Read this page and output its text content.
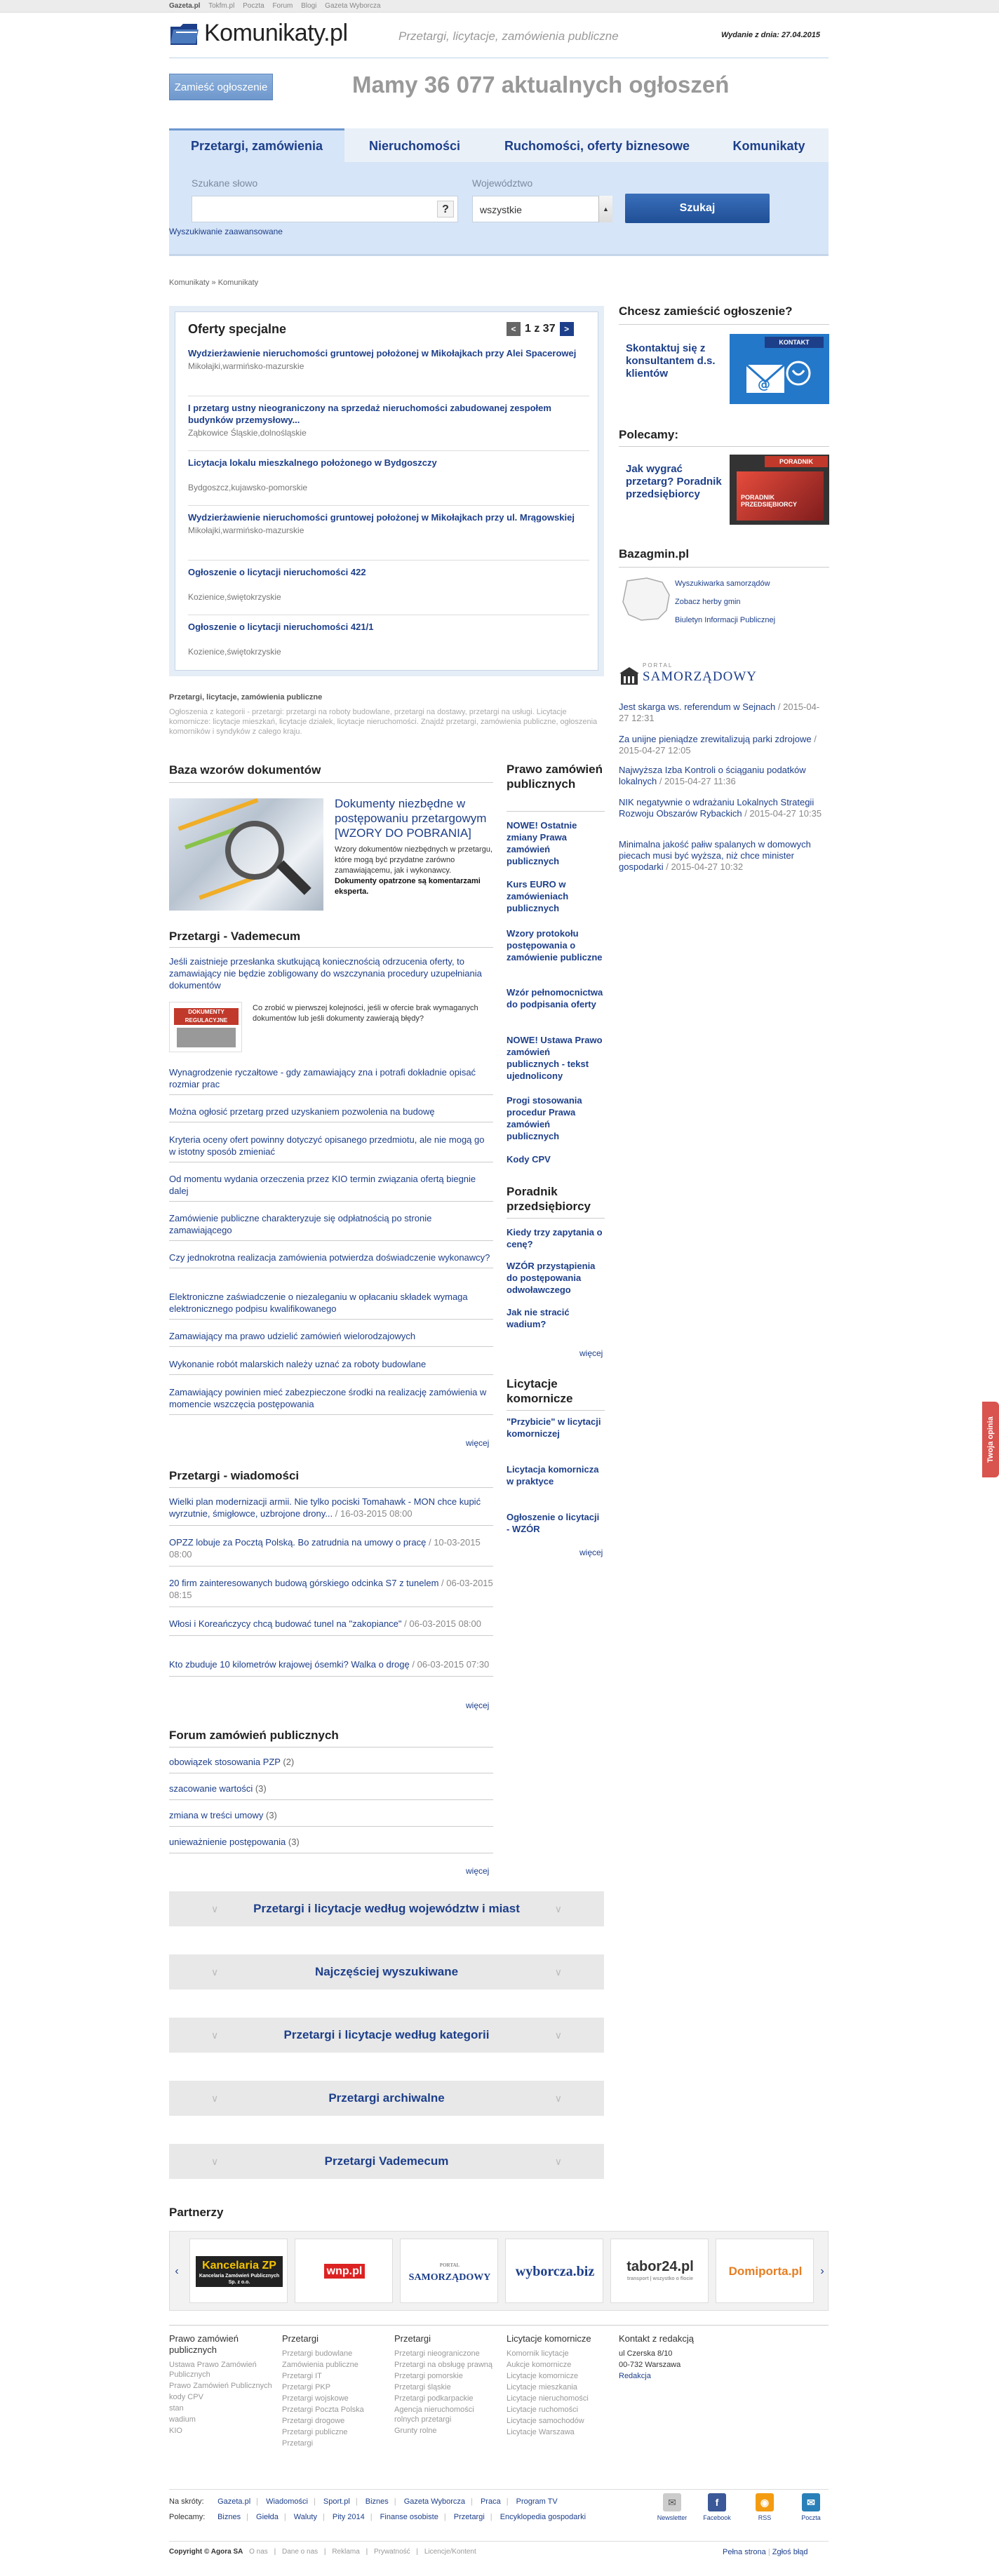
Gazeta.pl Tokfm.pl Poczta Forum Blogi Gazeta Wyborcza
Komunikaty.pl	Przetargi, licytacje, zamówienia publiczne	Wydanie z dnia: 27.04.2015
Zamieść ogłoszenie	Mamy 36 077 aktualnych ogłoszeń
Przetargi, zamówienia	Nieruchomości	Ruchomości, oferty biznesowe	Komunikaty
Szukane słowo	Województwo
?	wszystkie	▲	Szukaj
Wyszukiwanie zaawansowane
Komunikaty » Komunikaty
Oferty specjalne	< 1 z 37 >
Wydzierżawienie nieruchomości gruntowej położonej w Mikołajkach przy Alei Spacerowej
Mikołajki,warmińsko-mazurskie
I przetarg ustny nieograniczony na sprzedaż nieruchomości zabudowanej zespołem budynków przemysłowy...
Ząbkowice Śląskie,dolnośląskie
Licytacja lokalu mieszkalnego położonego w Bydgoszczy
Bydgoszcz,kujawsko-pomorskie
Wydzierżawienie nieruchomości gruntowej położonej w Mikołajkach przy ul. Mrągowskiej
Mikołajki,warmińsko-mazurskie
Ogłoszenie o licytacji nieruchomości 422
Kozienice,świętokrzyskie
Ogłoszenie o licytacji nieruchomości 421/1
Kozienice,świętokrzyskie
Przetargi, licytacje, zamówienia publiczne
Ogłoszenia z kategorii - przetargi: przetargi na roboty budowlane, przetargi na dostawy, przetargi na usługi. Licytacje komornicze: licytacje mieszkań, licytacje działek, licytacje nieruchomości. Znajdź przetargi, zamówienia publiczne, ogłoszenia komorników i syndyków z całego kraju.
Baza wzorów dokumentów
Dokumenty niezbędne w postępowaniu przetargowym [WZORY DO POBRANIA]
Wzory dokumentów niezbędnych w przetargu, które mogą być przydatne zarówno zamawiającemu, jak i wykonawcy. Dokumenty opatrzone są komentarzami eksperta.
Przetargi - Vademecum
Jeśli zaistnieje przesłanka skutkującą koniecznością odrzucenia oferty, to zamawiający nie będzie zobligowany do wszczynania procedury uzupełniania dokumentów
DOKUMENTY REGULACYJNE
Co zrobić w pierwszej kolejności, jeśli w ofercie brak wymaganych dokumentów lub jeśli dokumenty zawierają błędy?
Wynagrodzenie ryczałtowe - gdy zamawiający zna i potrafi dokładnie opisać rozmiar prac
Można ogłosić przetarg przed uzyskaniem pozwolenia na budowę
Kryteria oceny ofert powinny dotyczyć opisanego przedmiotu, ale nie mogą go w istotny sposób zmieniać
Od momentu wydania orzeczenia przez KIO termin związania ofertą biegnie dalej
Zamówienie publiczne charakteryzuje się odpłatnością po stronie zamawiającego
Czy jednokrotna realizacja zamówienia potwierdza doświadczenie wykonawcy?
Elektroniczne zaświadczenie o niezaleganiu w opłacaniu składek wymaga elektronicznego podpisu kwalifikowanego
Zamawiający ma prawo udzielić zamówień wielorodzajowych
Wykonanie robót malarskich należy uznać za roboty budowlane
Zamawiający powinien mieć zabezpieczone środki na realizację zamówienia w momencie wszczęcia postępowania
więcej
Przetargi - wiadomości
Wielki plan modernizacji armii. Nie tylko pociski Tomahawk - MON chce kupić wyrzutnie, śmigłowce, uzbrojone drony... / 16-03-2015 08:00
OPZZ lobuje za Pocztą Polską. Bo zatrudnia na umowy o pracę / 10-03-2015 08:00
20 firm zainteresowanych budową górskiego odcinka S7 z tunelem / 06-03-2015 08:15
Włosi i Koreańczycy chcą budować tunel na "zakopiance" / 06-03-2015 08:00
Kto zbuduje 10 kilometrów krajowej ósemki? Walka o drogę / 06-03-2015 07:30
więcej
Forum zamówień publicznych
obowiązek stosowania PZP (2)
szacowanie wartości (3)
zmiana w treści umowy (3)
unieważnienie postępowania (3)
więcej
Prawo zamówień publicznych
NOWE! Ostatnie zmiany Prawa zamówień publicznych
Kurs EURO w zamówieniach publicznych
Wzory protokołu postępowania o zamówienie publiczne
Wzór pełnomocnictwa do podpisania oferty
NOWE! Ustawa Prawo zamówień publicznych - tekst ujednolicony
Progi stosowania procedur Prawa zamówień publicznych
Kody CPV
Poradnik przedsiębiorcy
Kiedy trzy zapytania o cenę?
WZÓR przystąpienia do postępowania odwoławczego
Jak nie stracić wadium?
więcej
Licytacje komornicze
"Przybicie" w licytacji komorniczej
Licytacja komornicza w praktyce
Ogłoszenie o licytacji - WZÓR
więcej
∨	Przetargi i licytacje według województw i miast	∨
∨	Najczęściej wyszukiwane	∨
∨	Przetargi i licytacje według kategorii	∨
∨	Przetargi archiwalne	∨
∨	Przetargi Vademecum	∨
Chcesz zamieścić ogłoszenie?
Skontaktuj się z konsultantem d.s. klientów
KONTAKT
@
Polecamy:
Jak wygrać przetarg? Poradnik przedsiębiorcy
PORADNIK
PORADNIK PRZEDSIĘBIORCY
Bazagmin.pl
Wyszukiwarka samorządów
Zobacz herby gmin
Biuletyn Informacji Publicznej
PORTAL
SAMORZĄDOWY
Jest skarga ws. referendum w Sejnach / 2015-04-27 12:31
Za unijne pieniądze zrewitalizują parki zdrojowe / 2015-04-27 12:05
Najwyższa Izba Kontroli o ściąganiu podatków lokalnych / 2015-04-27 11:36
NIK negatywnie o wdrażaniu Lokalnych Strategii Rozwoju Obszarów Rybackich / 2015-04-27 10:35
Minimalna jakość pałiw spalanych w domowych piecach musi być wyższa, niż chce minister gospodarki / 2015-04-27 10:32
Twoja opinia
Partnerzy
‹	Kancelaria ZP
Kancelaria Zamówień Publicznych Sp. z o.o.
wnp.pl	PORTAL
SAMORZĄDOWY wyborcza.biz	tabor24.pl
transport | wszystko o flocie
Domiporta.pl	›
Prawo zamówień publicznych
Ustawa Prawo Zamówień Publicznych
Prawo Zamówień Publicznych
kody CPV
stan
wadium
KIO
Przetargi
Przetargi budowlane
Zamówienia publiczne
Przetargi IT
Przetargi PKP
Przetargi wojskowe
Przetargi Poczta Polska
Przetargi drogowe
Przetargi publiczne
Przetargi
Przetargi
Przetargi nieograniczone
Przetargi na obsługę prawną
Przetargi pomorskie
Przetargi śląskie
Przetargi podkarpackie
Agencja nieruchomości rolnych przetargi
Grunty rolne
Licytacje komornicze
Komornik licytacje
Aukcje komornicze
Licytacje komornicze
Licytacje mieszkania
Licytacje nieruchomości
Licytacje ruchomości
Licytacje samochodów
Licytacje Warszawa
Kontakt z redakcją
ul Czerska 8/10
00-732 Warszawa
Redakcja
Na skróty: Gazeta.pl | Wiadomości | Sport.pl | Biznes | Gazeta Wyborcza | Praca | Program TV
Polecamy: Biznes | Giełda | Waluty | Pity 2014 | Finanse osobiste | Przetargi | Encyklopedia gospodarki
✉
Newsletter
f
Facebook
◉
RSS
✉
Poczta
Copyright © Agora SA O nas | Dane o nas | Reklama | Prywatność | Licencje/Kontent	Pełna strona | Zgłoś błąd
